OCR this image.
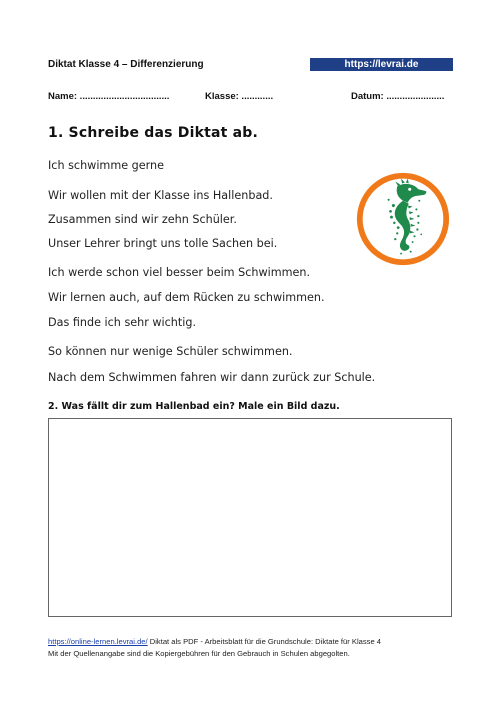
Diktat Klasse 4 – Differenzierung	https://levrai.de
Name: ..................................	Klasse: ............	Datum: ......................
1. Schreibe das Diktat ab.
Ich schwimme gerne
Wir wollen mit der Klasse ins Hallenbad.
Zusammen sind wir zehn Schüler.
Unser Lehrer bringt uns tolle Sachen bei.
Ich werde schon viel besser beim Schwimmen.
Wir lernen auch, auf dem Rücken zu schwimmen.
Das finde ich sehr wichtig.
So können nur wenige Schüler schwimmen.
Nach dem Schwimmen fahren wir dann zurück zur Schule.
2. Was fällt dir zum Hallenbad ein? Male ein Bild dazu.
https://online-lernen.levrai.de/ Diktat als PDF - Arbeitsblatt für die Grundschule: Diktate für Klasse 4
Mit der Quellenangabe sind die Kopiergebühren für den Gebrauch in Schulen abgegolten.
